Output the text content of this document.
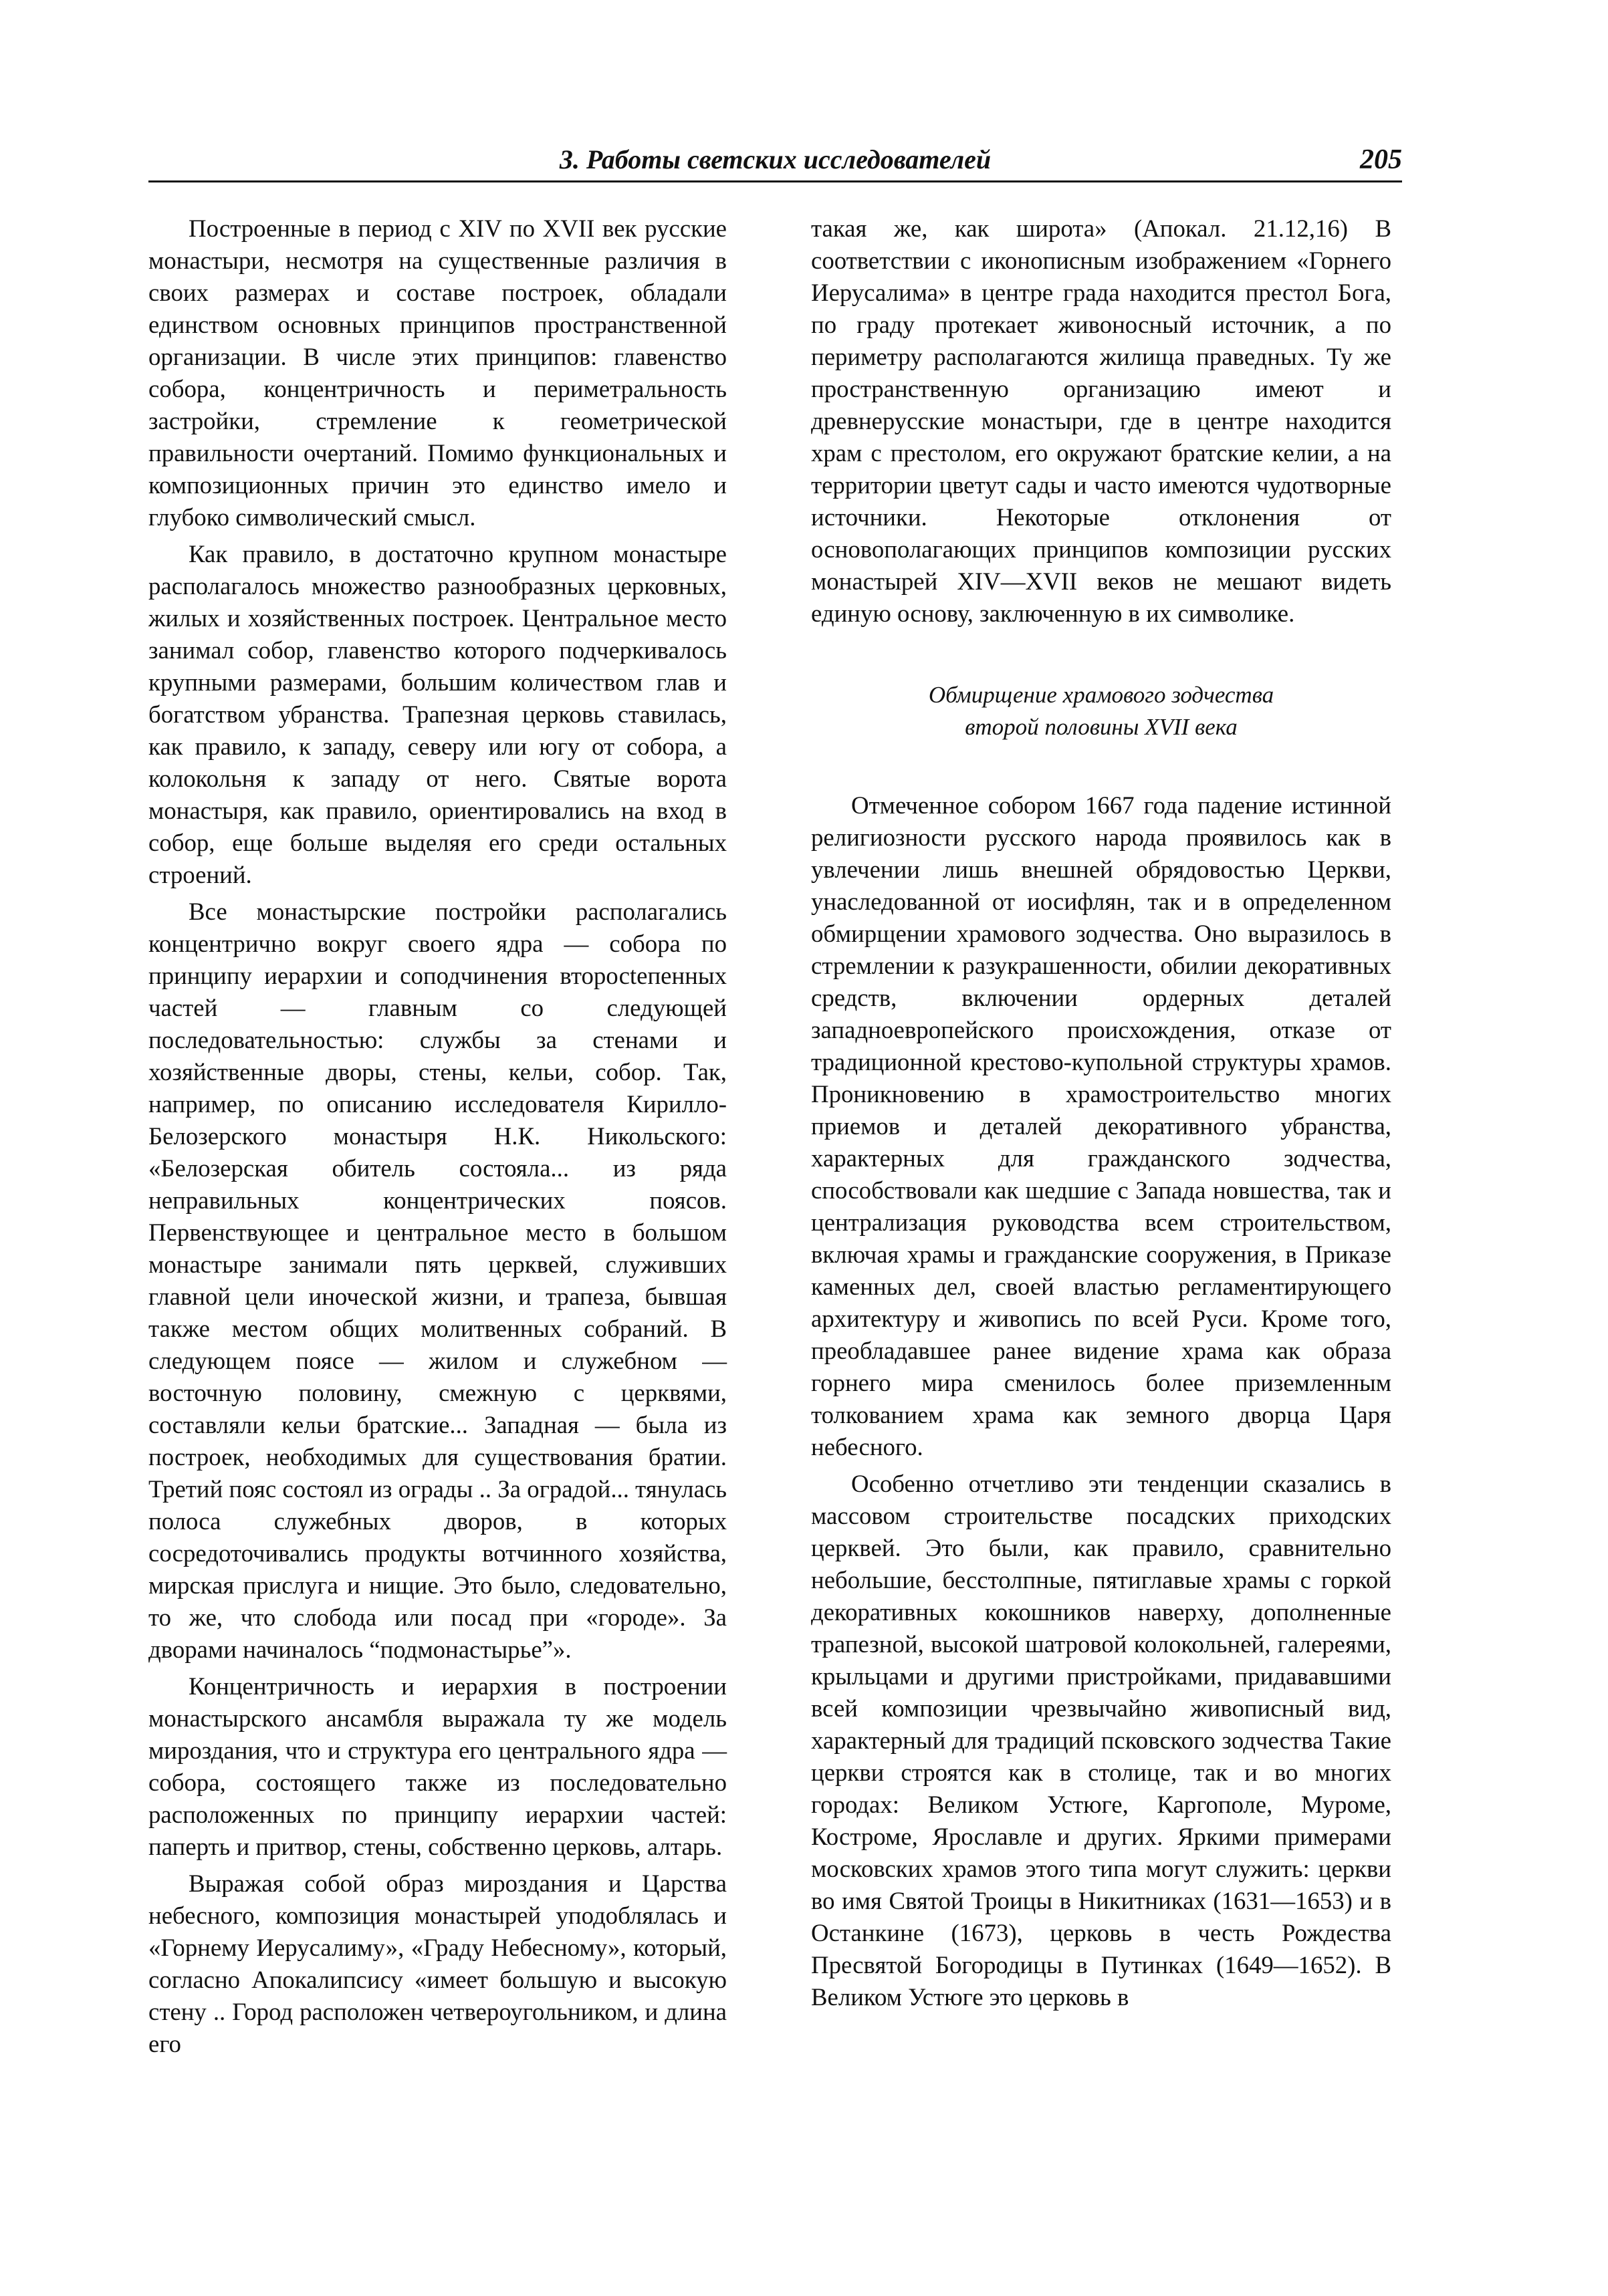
3. Работы светских исследователей	205

Построенные в период с XIV по XVII век русские монастыри, несмотря на существенные различия в своих размерах и составе построек, обладали единством основных принципов пространственной организации. В числе этих принципов: главенство собора, концентричность и периметральность застройки, стремление к геометрической правильности очертаний. Помимо функциональных и композиционных причин это единство имело и глубоко символический смысл.

Как правило, в достаточно крупном монастыре располагалось множество разнообразных церковных, жилых и хозяйственных построек. Центральное место занимал собор, главенство которого подчеркивалось крупными размерами, большим количеством глав и богатством убранства. Трапезная церковь ставилась, как правило, к западу, северу или югу от собора, а колокольня к западу от него. Святые ворота монастыря, как правило, ориентировались на вход в собор, еще больше выделяя его среди остальных строений.

Все монастырские постройки располагались концентрично вокруг своего ядра — собора по принципу иерархии и соподчинения второсtепенных частей — главным со следующей последовательностью: службы за стенами и хозяйственные дворы, стены, кельи, собор. Так, например, по описанию исследователя Кирилло-Белозерского монастыря Н.К. Никольского: «Белозерская обитель состояла... из ряда неправильных концентрических поясов. Первенствующее и центральное место в большом монастыре занимали пять церквей, служивших главной цели иноческой жизни, и трапеза, бывшая также местом общих молитвенных собраний. В следующем поясе — жилом и служебном — восточную половину, смежную с церквями, составляли кельи братские... Западная — была из построек, необходимых для существования братии. Третий пояс состоял из ограды .. За оградой... тянулась полоса служебных дворов, в которых сосредоточивались продукты вотчинного хозяйства, мирская прислуга и нищие. Это было, следовательно, то же, что слобода или посад при «городе». За дворами начиналось “подмонастырье”».

Концентричность и иерархия в построении монастырского ансамбля выражала ту же модель мироздания, что и структура его центрального ядра — собора, состоящего также из последовательно расположенных по принципу иерархии частей: паперть и притвор, стены, собственно церковь, алтарь.

Выражая собой образ мироздания и Царства небесного, композиция монастырей уподоблялась и «Горнему Иерусалиму», «Граду Небесному», который, согласно Апокалипсису «имеет большую и высокую стену .. Город расположен четвероугольником, и длина его

такая же, как широта» (Апокал. 21.12,16) В соответствии с иконописным изображением «Горнего Иерусалима» в центре града находится престол Бога, по граду протекает живоносный источник, а по периметру располагаются жилища праведных. Ту же пространственную организацию имеют и древнерусские монастыри, где в центре находится храм с престолом, его окружают братские келии, а на территории цветут сады и часто имеются чудотворные источники. Некоторые отклонения от основополагающих принципов композиции русских монастырей XIV—XVII веков не мешают видеть единую основу, заключенную в их символике.

Обмирщение храмового зодчества
второй половины XVII века

Отмеченное собором 1667 года падение истинной религиозности русского народа проявилось как в увлечении лишь внешней обрядовостью Церкви, унаследованной от иосифлян, так и в определенном обмирщении храмового зодчества. Оно выразилось в стремлении к разукрашенности, обилии декоративных средств, включении ордерных деталей западноевропейского происхождения, отказе от традиционной крестово-купольной структуры храмов. Проникновению в храмостроительство многих приемов и деталей декоративного убранства, характерных для гражданского зодчества, способствовали как шедшие с Запада новшества, так и централизация руководства всем строительством, включая храмы и гражданские сооружения, в Приказе каменных дел, своей властью регламентирующего архитектуру и живопись по всей Руси. Кроме того, преобладавшее ранее видение храма как образа горнего мира сменилось более приземленным толкованием храма как земного дворца Царя небесного.

Особенно отчетливо эти тенденции сказались в массовом строительстве посадских приходских церквей. Это были, как правило, сравнительно небольшие, бесстолпные, пятиглавые храмы с горкой декоративных кокошников наверху, дополненные трапезной, высокой шатровой колокольней, галереями, крыльцами и другими пристройками, придававшими всей композиции чрезвычайно живописный вид, характерный для традиций псковского зодчества Такие церкви строятся как в столице, так и во многих городах: Великом Устюге, Каргополе, Муроме, Костроме, Ярославле и других. Яркими примерами московских храмов этого типа могут служить: церкви во имя Святой Троицы в Никитниках (1631—1653) и в Останкине (1673), церковь в честь Рождества Пресвятой Богородицы в Путинках (1649—1652). В Великом Устюге это церковь в
